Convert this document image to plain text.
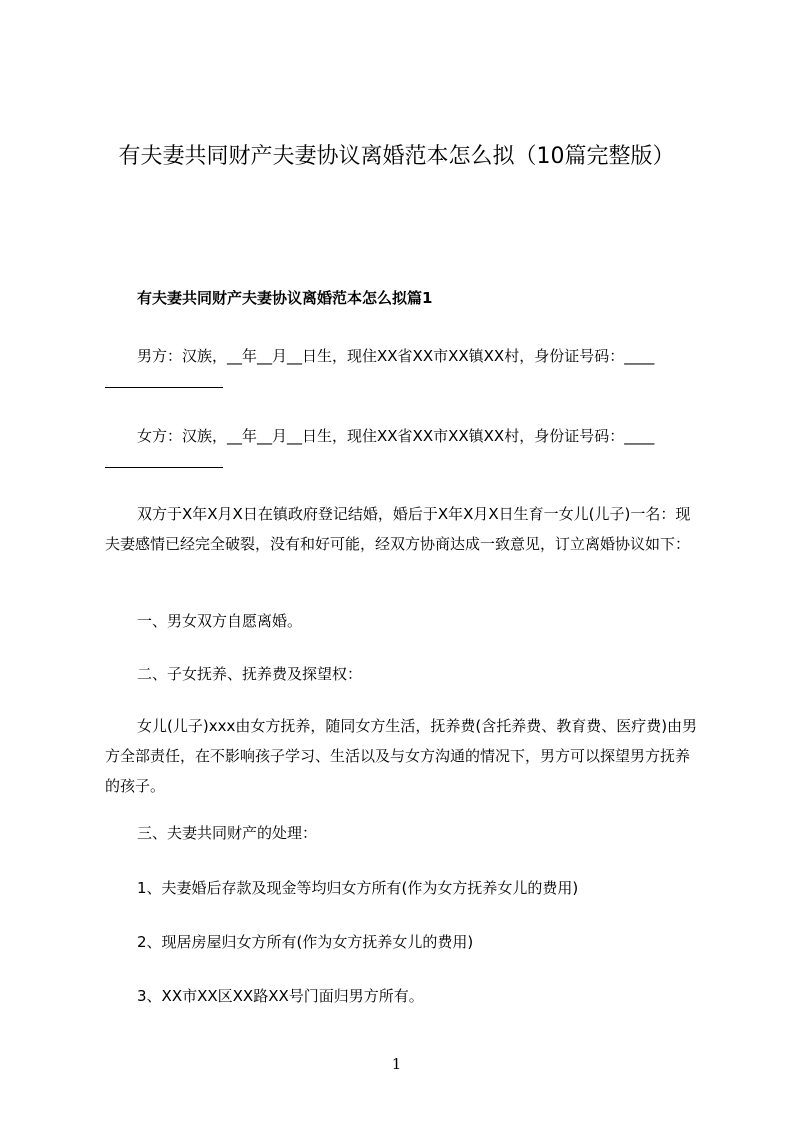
有夫妻共同财产夫妻协议离婚范本怎么拟（10篇完整版）
有夫妻共同财产夫妻协议离婚范本怎么拟篇1
男方：汉族，__年__月__日生，现住XX省XX市XX镇XX村，身份证号码：____
女方：汉族，__年__月__日生，现住XX省XX市XX镇XX村，身份证号码：____

双方于X年X月X日在镇政府登记结婚，婚后于X年X月X日生育一女儿(儿子)一名：现夫妻感情已经完全破裂，没有和好可能，经双方协商达成一致意见，订立离婚协议如下：

一、男女双方自愿离婚。
二、子女抚养、抚养费及探望权：

女儿(儿子)xxx由女方抚养，随同女方生活，抚养费(含托养费、教育费、医疗费)由男方全部责任，在不影响孩子学习、生活以及与女方沟通的情况下，男方可以探望男方抚养的孩子。

三、夫妻共同财产的处理：
1、夫妻婚后存款及现金等均归女方所有(作为女方抚养女儿的费用)
2、现居房屋归女方所有(作为女方抚养女儿的费用)
3、XX市XX区XX路XX号门面归男方所有。
1
